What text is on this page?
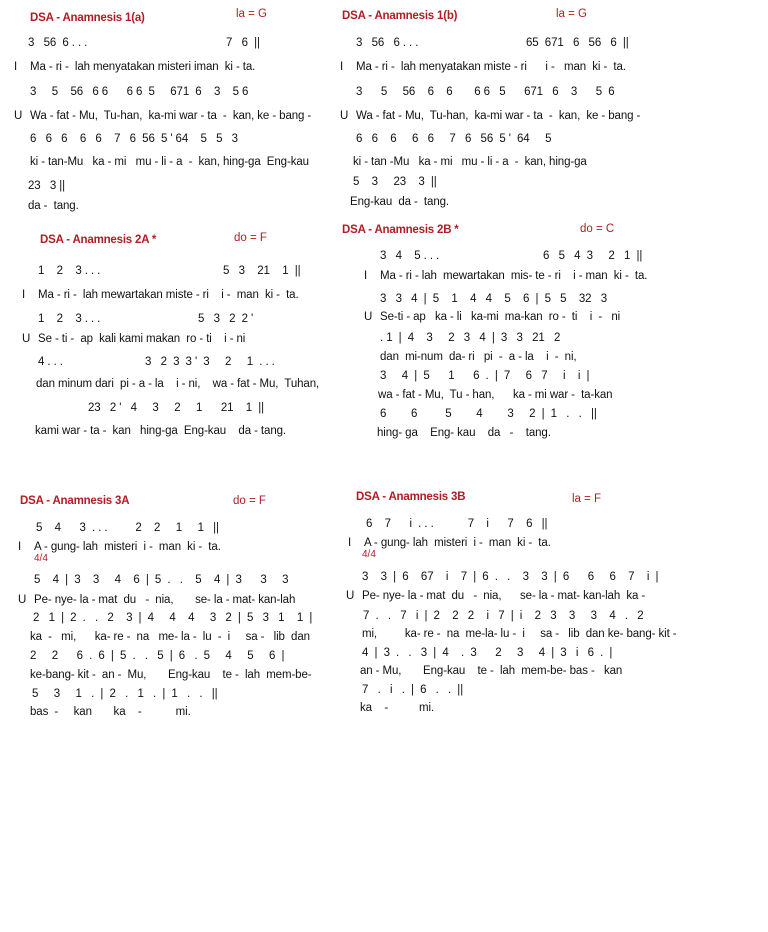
DSA - Anamnesis 1(a)	la = G	DSA - Anamnesis 1(b)	la = G
DSA - Anamnesis 2A *	do = F
DSA - Anamnesis 2B *	do = C
DSA - Anamnesis 3A	do = F	DSA - Anamnesis 3B	la = F
3   56  6 . . .	7   6  ||
I Ma - ri -  lah menyatakan misteri iman  ki - ta.
3     5    56   6 6      6 6  5     671  6    3    5 6
U Wa - fat - Mu,  Tu-han,  ka-mi war - ta  -  kan, ke - bang -
6   6   6    6   6    7   6  56  5 ' 64    5   5   3
ki - tan-Mu   ka - mi   mu - li - a  -  kan, hing-ga  Eng-kau
23   3 ||
da -  tang.
3   56   6 . . .	65  671   6   56   6  ||
I Ma - ri -  lah menyatakan miste - ri      i -   man  ki -  ta.
3      5     56    6    6       6 6   5      671   6    3      5  6
U Wa - fat - Mu,  Tu-han,  ka-mi war - ta  -  kan,  ke - bang -
6   6    6     6   6     7   6   56  5 '  64     5
ki - tan -Mu   ka - mi   mu - li - a  -  kan, hing-ga
5    3     23    3  ||
Eng-kau  da -  tang.
1    2    3 . . .	5   3    21    1  ||
I Ma - ri -  lah mewartakan miste - ri    i -  man  ki -  ta.
1    2    3 . . .	5   3   2  2 '
U Se - ti -  ap  kali kami makan  ro - ti    i - ni
4 . . .	3   2  3  3 '  3     2     1  . . .
dan minum dari  pi - a - la    i - ni,    wa - fat - Mu,  Tuhan,
23   2 '   4     3     2     1      21    1  ||
kami war - ta -  kan   hing-ga  Eng-kau    da - tang.
3   4    5 . . .	6   5   4  3     2   1  ||
I Ma - ri - lah  mewartakan  mis- te - ri    i - man  ki -  ta.
3   3   4  |  5    1    4   4    5    6  |  5   5    32   3
U Se-ti - ap   ka - li   ka-mi  ma-kan  ro -  ti    i  -   ni
. 1  |  4    3     2   3   4  |  3   3   21   2
dan  mi-num  da- ri   pi  -  a - la    i  -  ni,
3     4  |  5      1      6  .  |  7     6   7     i    i  |
wa - fat - Mu,  Tu - han,      ka - mi war -  ta-kan
6        6         5        4        3     2  |  1   .   .   ||
hing- ga    Eng- kau    da   -    tang.
5    4      3  . . .         2    2     1     1   ||
I A - gung- lah  misteri  i -  man  ki -  ta.
4/4
5    4  |  3    3     4    6  |  5  .   .    5    4  |  3      3     3
U Pe- nye- la - mat  du   -  nia,       se- la - mat- kan-lah
2   1  |  2  .   .   2    3  |  4     4    4     3   2  |  5   3   1    1  |
ka  -   mi,      ka- re -  na   me- la -  lu  -  i     sa -   lib  dan
2     2      6  .  6  |  5  .   .   5  |  6   .  5     4     5     6  |
ke-bang- kit -  an -  Mu,       Eng-kau    te -  lah  mem-be-
5     3     1   .  |  2   .   1   .  |  1   .   .   ||
bas  -     kan       ka    -           mi.
6    7      i  . . .           7    i      7    6   ||
I A - gung- lah  misteri  i -  man  ki -  ta.
4/4
3    3  |  6    67    i    7  |  6  .   .    3    3  |  6      6     6    7    i  |
U Pe- nye- la - mat  du   -  nia,      se- la - mat- kan-lah  ka -
7  .   .   7   i  |  2    2   2    i   7  |  i    2   3    3     3    4   .   2
mi,         ka- re -  na  me-la- lu -  i     sa -   lib  dan ke- bang- kit -
4  |  3  .   .   3  |  4    .  3      2     3     4  |  3   i   6  .  |
an - Mu,       Eng-kau    te -  lah  mem-be- bas -   kan
7   .   i   .  |  6   .   .  ||
ka    -          mi.
